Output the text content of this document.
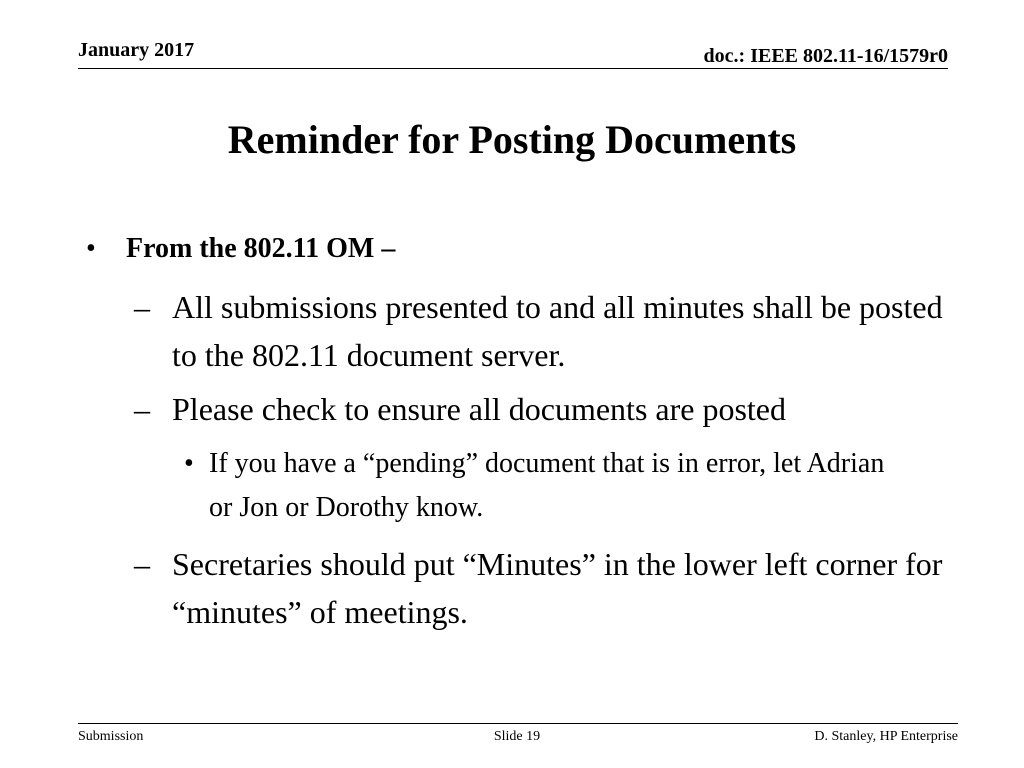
January 2017	doc.: IEEE 802.11-16/1579r0
Reminder for Posting Documents
•	From the 802.11 OM –
– All submissions presented to and all minutes shall be posted to the 802.11 document server.
– Please check to ensure all documents are posted
• If you have a “pending” document that is in error, let Adrian or Jon or Dorothy know.
– Secretaries should put “Minutes” in the lower left corner for “minutes” of meetings.
Submission	Slide 19	D. Stanley, HP Enterprise
